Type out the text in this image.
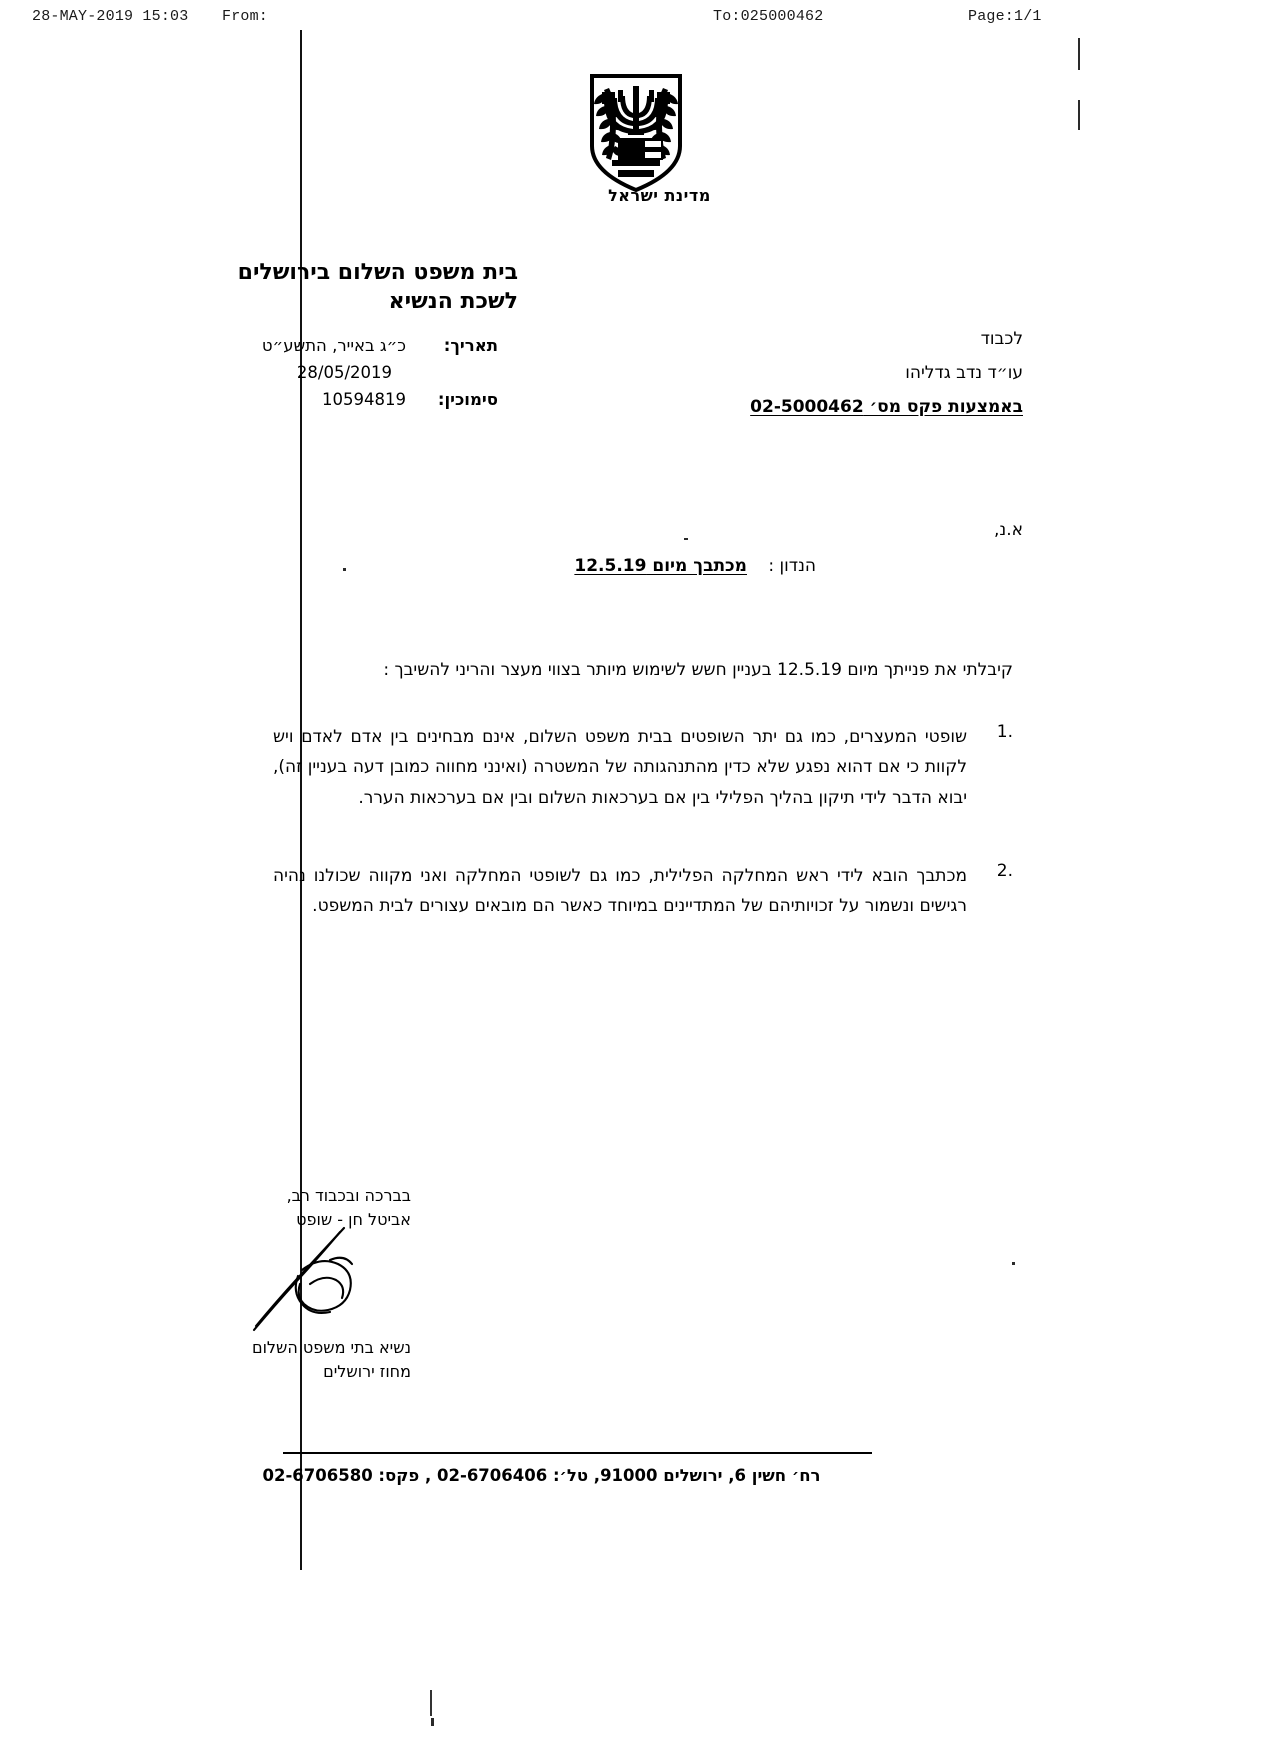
28-MAY-2019 15:03 From:	To:025000462	Page:1/1
מדינת ישראל
בית משפט השלום בירושלים
לשכת הנשיא
תאריך:כ״ג באייר, התשע״ט
28/05/2019
סימוכין:10594819
לכבוד
עו״ד נדב גדליהו
באמצעות פקס מס׳ 02-5000462
א.נ,
הנדון : מכתבך מיום 12.5.19
קיבלתי את פנייתך מיום 12.5.19 בעניין חשש לשימוש מיותר בצווי מעצר והריני להשיבך :
1.
שופטי המעצרים, כמו גם יתר השופטים בבית משפט השלום, אינם מבחינים בין אדם לאדם ויש לקוות כי אם דהוא נפגע שלא כדין מהתנהגותה של המשטרה (ואינני מחווה כמובן דעה בעניין זה), יבוא הדבר לידי תיקון בהליך הפלילי בין אם בערכאות השלום ובין אם בערכאות הערר.
2.
מכתבך הובא לידי ראש המחלקה הפלילית, כמו גם לשופטי המחלקה ואני מקווה שכולנו נהיה רגישים ונשמור על זכויותיהם של המתדיינים במיוחד כאשר הם מובאים עצורים לבית המשפט.
בברכה ובכבוד רב,
אביטל חן - שופט
נשיא בתי משפט השלום
מחוז ירושלים
רח׳ חשין 6, ירושלים 91000, טל׳: 02-6706406 , פקס: 02-6706580
